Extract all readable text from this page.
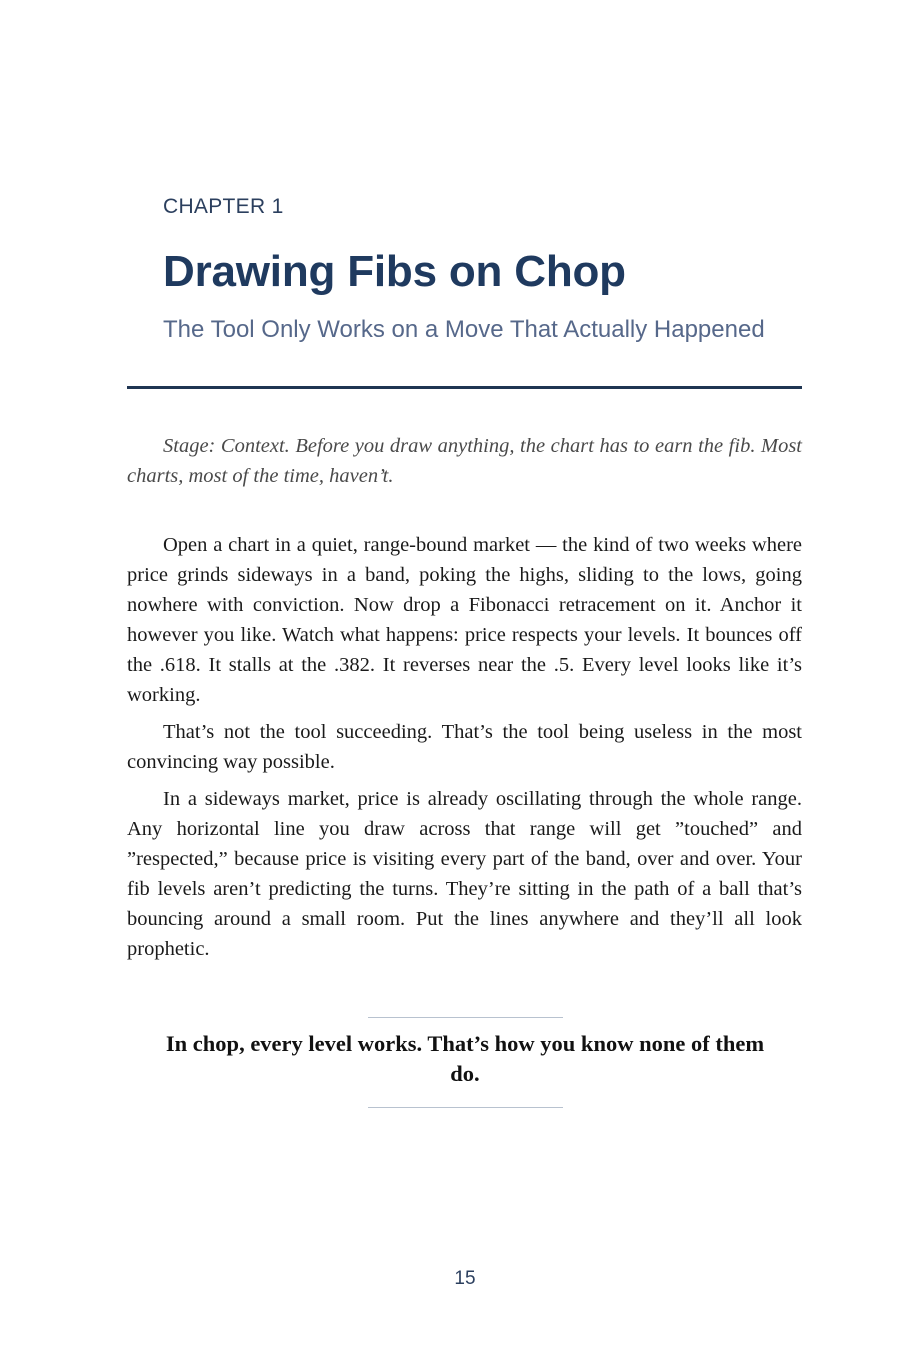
CHAPTER 1
Drawing Fibs on Chop
The Tool Only Works on a Move That Actually Happened
Stage: Context. Before you draw anything, the chart has to earn the fib. Most charts, most of the time, haven’t.

Open a chart in a quiet, range-bound market — the kind of two weeks where price grinds sideways in a band, poking the highs, sliding to the lows, going nowhere with conviction. Now drop a Fibonacci retracement on it. Anchor it however you like. Watch what happens: price respects your levels. It bounces off the .618. It stalls at the .382. It reverses near the .5. Every level looks like it’s working.

That’s not the tool succeeding. That’s the tool being useless in the most convincing way possible.

In a sideways market, price is already oscillating through the whole range. Any horizontal line you draw across that range will get ”touched” and ”respected,” because price is visiting every part of the band, over and over. Your fib levels aren’t predicting the turns. They’re sitting in the path of a ball that’s bouncing around a small room. Put the lines anywhere and they’ll all look prophetic.

In chop, every level works. That’s how you know none of them do.
15
